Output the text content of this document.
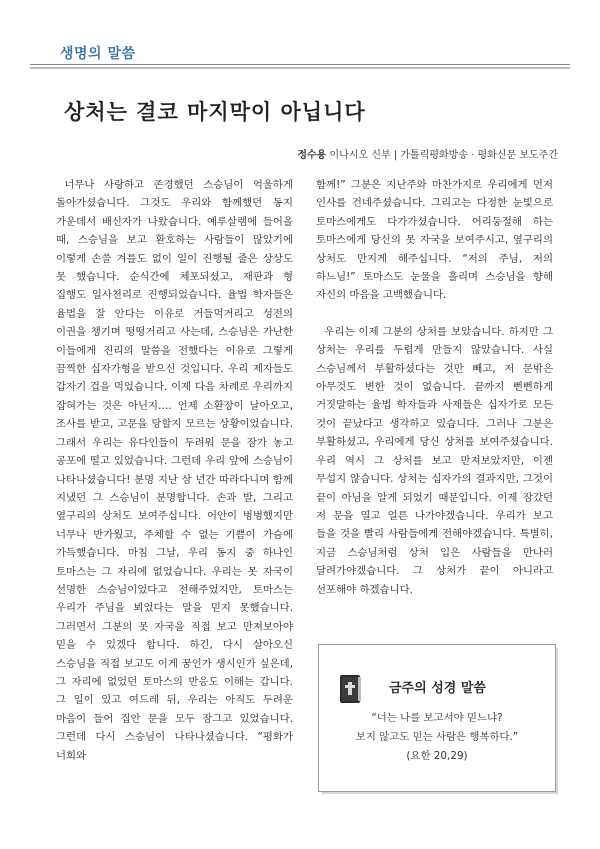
생명의 말씀
상처는 결코 마지막이 아닙니다
정수용 이나시오 신부 | 가톨릭평화방송 · 평화신문 보도주간

너무나 사랑하고 존경했던 스승님이 억울하게 돌아가셨습니다. 그것도 우리와 함께했던 동지 가운데서 배신자가 나왔습니다. 예루살렘에 들어올 때, 스승님을 보고 환호하는 사람들이 많았기에 이렇게 손쓸 겨를도 없이 일이 진행될 줄은 상상도 못 했습니다. 순식간에 체포되셨고, 재판과 형 집행도 일사천리로 진행되었습니다. 율법 학자들은 율법을 잘 안다는 이유로 거들먹거리고 성전의 이권을 챙기며 떵떵거리고 사는데, 스승님은 가난한 이들에게 진리의 말씀을 전했다는 이유로 그렇게 끔찍한 십자가형을 받으신 것입니다. 우리 제자들도 갑자기 겁을 먹었습니다. 이제 다음 차례로 우리까지 잡혀가는 것은 아닌지…. 언제 소환장이 날아오고, 조사를 받고, 고문을 당할지 모르는 상황이었습니다. 그래서 우리는 유다인들이 두려워 문을 잠가 놓고 공포에 떨고 있었습니다. 그런데 우리 앞에 스승님이 나타나셨습니다! 분명 지난 삼 년간 따라다니며 함께 지냈던 그 스승님이 분명합니다. 손과 발, 그리고 옆구리의 상처도 보여주십니다. 어안이 벙벙했지만 너무나 반가웠고, 주체할 수 없는 기쁨이 가슴에 가득했습니다. 마침 그날, 우리 동지 중 하나인 토마스는 그 자리에 없었습니다. 우리는 못 자국이 선명한 스승님이었다고 전해주었지만, 토마스는 우리가 주님을 뵈었다는 말을 믿지 못했습니다. 그러면서 그분의 못 자국을 직접 보고 만져보아야 믿을 수 있겠다 합니다. 하긴, 다시 살아오신 스승님을 직접 보고도 이게 꿈인가 생시인가 싶은데, 그 자리에 없었던 토마스의 반응도 이해는 갑니다. 그 일이 있고 여드레 뒤, 우리는 아직도 두려운 마음이 들어 집안 문을 모두 잠그고 있었습니다. 그런데 다시 스승님이 나타나셨습니다. “평화가 너희와

함께!” 그분은 지난주와 마찬가지로 우리에게 먼저 인사를 건네주셨습니다. 그리고는 다정한 눈빛으로 토마스에게도 다가가셨습니다. 어리둥절해 하는 토마스에게 당신의 못 자국을 보여주시고, 옆구리의 상처도 만지게 해주십니다. “저의 주님, 저의 하느님!” 토마스도 눈물을 흘리며 스승님을 향해 자신의 마음을 고백했습니다.

우리는 이제 그분의 상처를 보았습니다. 하지만 그 상처는 우리를 두렵게 만들지 않았습니다. 사실 스승님께서 부활하셨다는 것만 빼고, 저 문밖은 아무것도 변한 것이 없습니다. 끝까지 뻔뻔하게 거짓말하는 율법 학자들과 사제들은 십자가로 모든 것이 끝났다고 생각하고 있습니다. 그러나 그분은 부활하셨고, 우리에게 당신 상처를 보여주셨습니다. 우리 역시 그 상처를 보고 만져보았지만, 이젠 무섭지 않습니다. 상처는 십자가의 결과지만, 그것이 끝이 아님을 알게 되었기 때문입니다. 이제 잠갔던 저 문을 열고 얼른 나가야겠습니다. 우리가 보고 들을 것을 빨리 사람들에게 전해야겠습니다. 특별히, 지금 스승님처럼 상처 입은 사람들을 만나러 달려가야겠습니다. 그 상처가 끝이 아니라고 선포해야 하겠습니다.

금주의 성경 말씀
“너는 나를 보고서야 믿느냐?
보지 않고도 믿는 사람은 행복하다.”
(요한 20,29)
